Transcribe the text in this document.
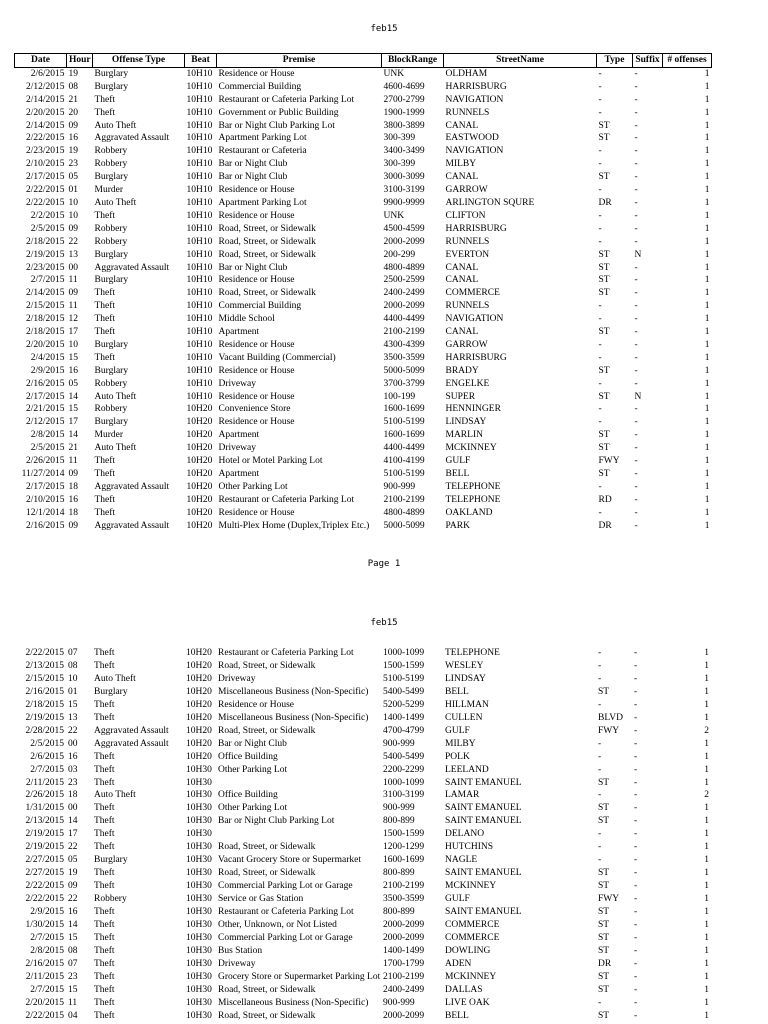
feb15
Date	Hour	Offense Type	Beat	Premise	BlockRange	StreetName	Type	Suffix	# offenses
2/6/2015	19	Burglary	10H10	Residence or House	UNK	OLDHAM	-	-	1
2/12/2015	08	Burglary	10H10	Commercial Building	4600-4699	HARRISBURG	-	-	1
2/14/2015	21	Theft	10H10	Restaurant or Cafeteria Parking Lot	2700-2799	NAVIGATION	-	-	1
2/20/2015	20	Theft	10H10	Government or Public Building	1900-1999	RUNNELS	-	-	1
2/14/2015	09	Auto Theft	10H10	Bar or Night Club Parking Lot	3800-3899	CANAL	ST	-	1
2/22/2015	16	Aggravated Assault	10H10	Apartment Parking Lot	300-399	EASTWOOD	ST	-	1
2/23/2015	19	Robbery	10H10	Restaurant or Cafeteria	3400-3499	NAVIGATION	-	-	1
2/10/2015	23	Robbery	10H10	Bar or Night Club	300-399	MILBY	-	-	1
2/17/2015	05	Burglary	10H10	Bar or Night Club	3000-3099	CANAL	ST	-	1
2/22/2015	01	Murder	10H10	Residence or House	3100-3199	GARROW	-	-	1
2/22/2015	10	Auto Theft	10H10	Apartment Parking Lot	9900-9999	ARLINGTON SQURE	DR	-	1
2/2/2015	10	Theft	10H10	Residence or House	UNK	CLIFTON	-	-	1
2/5/2015	09	Robbery	10H10	Road, Street, or Sidewalk	4500-4599	HARRISBURG	-	-	1
2/18/2015	22	Robbery	10H10	Road, Street, or Sidewalk	2000-2099	RUNNELS	-	-	1
2/19/2015	13	Burglary	10H10	Road, Street, or Sidewalk	200-299	EVERTON	ST	N	1
2/23/2015	00	Aggravated Assault	10H10	Bar or Night Club	4800-4899	CANAL	ST	-	1
2/7/2015	11	Burglary	10H10	Residence or House	2500-2599	CANAL	ST	-	1
2/14/2015	09	Theft	10H10	Road, Street, or Sidewalk	2400-2499	COMMERCE	ST	-	1
2/15/2015	11	Theft	10H10	Commercial Building	2000-2099	RUNNELS	-	-	1
2/18/2015	12	Theft	10H10	Middle School	4400-4499	NAVIGATION	-	-	1
2/18/2015	17	Theft	10H10	Apartment	2100-2199	CANAL	ST	-	1
2/20/2015	10	Burglary	10H10	Residence or House	4300-4399	GARROW	-	-	1
2/4/2015	15	Theft	10H10	Vacant Building (Commercial)	3500-3599	HARRISBURG	-	-	1
2/9/2015	16	Burglary	10H10	Residence or House	5000-5099	BRADY	ST	-	1
2/16/2015	05	Robbery	10H10	Driveway	3700-3799	ENGELKE	-	-	1
2/17/2015	14	Auto Theft	10H10	Residence or House	100-199	SUPER	ST	N	1
2/21/2015	15	Robbery	10H20	Convenience Store	1600-1699	HENNINGER	-	-	1
2/12/2015	17	Burglary	10H20	Residence or House	5100-5199	LINDSAY	-	-	1
2/8/2015	14	Murder	10H20	Apartment	1600-1699	MARLIN	ST	-	1
2/5/2015	21	Auto Theft	10H20	Driveway	4400-4499	MCKINNEY	ST	-	1
2/26/2015	11	Theft	10H20	Hotel or Motel Parking Lot	4100-4199	GULF	FWY	-	1
11/27/2014	09	Theft	10H20	Apartment	5100-5199	BELL	ST	-	1
2/17/2015	18	Aggravated Assault	10H20	Other Parking Lot	900-999	TELEPHONE	-	-	1
2/10/2015	16	Theft	10H20	Restaurant or Cafeteria Parking Lot	2100-2199	TELEPHONE	RD	-	1
12/1/2014	18	Theft	10H20	Residence or House	4800-4899	OAKLAND	-	-	1
2/16/2015	09	Aggravated Assault	10H20	Multi-Plex Home (Duplex,Triplex Etc.)	5000-5099	PARK	DR	-	1
Page 1
feb15
2/22/2015	07	Theft	10H20	Restaurant or Cafeteria Parking Lot	1000-1099	TELEPHONE	-	-	1
2/13/2015	08	Theft	10H20	Road, Street, or Sidewalk	1500-1599	WESLEY	-	-	1
2/15/2015	10	Auto Theft	10H20	Driveway	5100-5199	LINDSAY	-	-	1
2/16/2015	01	Burglary	10H20	Miscellaneous Business (Non-Specific)	5400-5499	BELL	ST	-	1
2/18/2015	15	Theft	10H20	Residence or House	5200-5299	HILLMAN	-	-	1
2/19/2015	13	Theft	10H20	Miscellaneous Business (Non-Specific)	1400-1499	CULLEN	BLVD	-	1
2/28/2015	22	Aggravated Assault	10H20	Road, Street, or Sidewalk	4700-4799	GULF	FWY	-	2
2/5/2015	00	Aggravated Assault	10H20	Bar or Night Club	900-999	MILBY	-	-	1
2/6/2015	16	Theft	10H20	Office Building	5400-5499	POLK	-	-	1
2/7/2015	03	Theft	10H30	Other Parking Lot	2200-2299	LEELAND	-	-	1
2/11/2015	23	Theft	10H30		1000-1099	SAINT EMANUEL	ST	-	1
2/26/2015	18	Auto Theft	10H30	Office Building	3100-3199	LAMAR	-	-	2
1/31/2015	00	Theft	10H30	Other Parking Lot	900-999	SAINT EMANUEL	ST	-	1
2/13/2015	14	Theft	10H30	Bar or Night Club Parking Lot	800-899	SAINT EMANUEL	ST	-	1
2/19/2015	17	Theft	10H30		1500-1599	DELANO	-	-	1
2/19/2015	22	Theft	10H30	Road, Street, or Sidewalk	1200-1299	HUTCHINS	-	-	1
2/27/2015	05	Burglary	10H30	Vacant Grocery Store or Supermarket	1600-1699	NAGLE	-	-	1
2/27/2015	19	Theft	10H30	Road, Street, or Sidewalk	800-899	SAINT EMANUEL	ST	-	1
2/22/2015	09	Theft	10H30	Commercial Parking Lot or Garage	2100-2199	MCKINNEY	ST	-	1
2/22/2015	22	Robbery	10H30	Service or Gas Station	3500-3599	GULF	FWY	-	1
2/9/2015	16	Theft	10H30	Restaurant or Cafeteria Parking Lot	800-899	SAINT EMANUEL	ST	-	1
1/30/2015	14	Theft	10H30	Other, Unknown, or Not Listed	2000-2099	COMMERCE	ST	-	1
2/7/2015	15	Theft	10H30	Commercial Parking Lot or Garage	2000-2099	COMMERCE	ST	-	1
2/8/2015	08	Theft	10H30	Bus Station	1400-1499	DOWLING	ST	-	1
2/16/2015	07	Theft	10H30	Driveway	1700-1799	ADEN	DR	-	1
2/11/2015	23	Theft	10H30	Grocery Store or Supermarket Parking Lot	2100-2199	MCKINNEY	ST	-	1
2/7/2015	15	Theft	10H30	Road, Street, or Sidewalk	2400-2499	DALLAS	ST	-	1
2/20/2015	11	Theft	10H30	Miscellaneous Business (Non-Specific)	900-999	LIVE OAK	-	-	1
2/22/2015	04	Theft	10H30	Road, Street, or Sidewalk	2000-2099	BELL	ST	-	1
